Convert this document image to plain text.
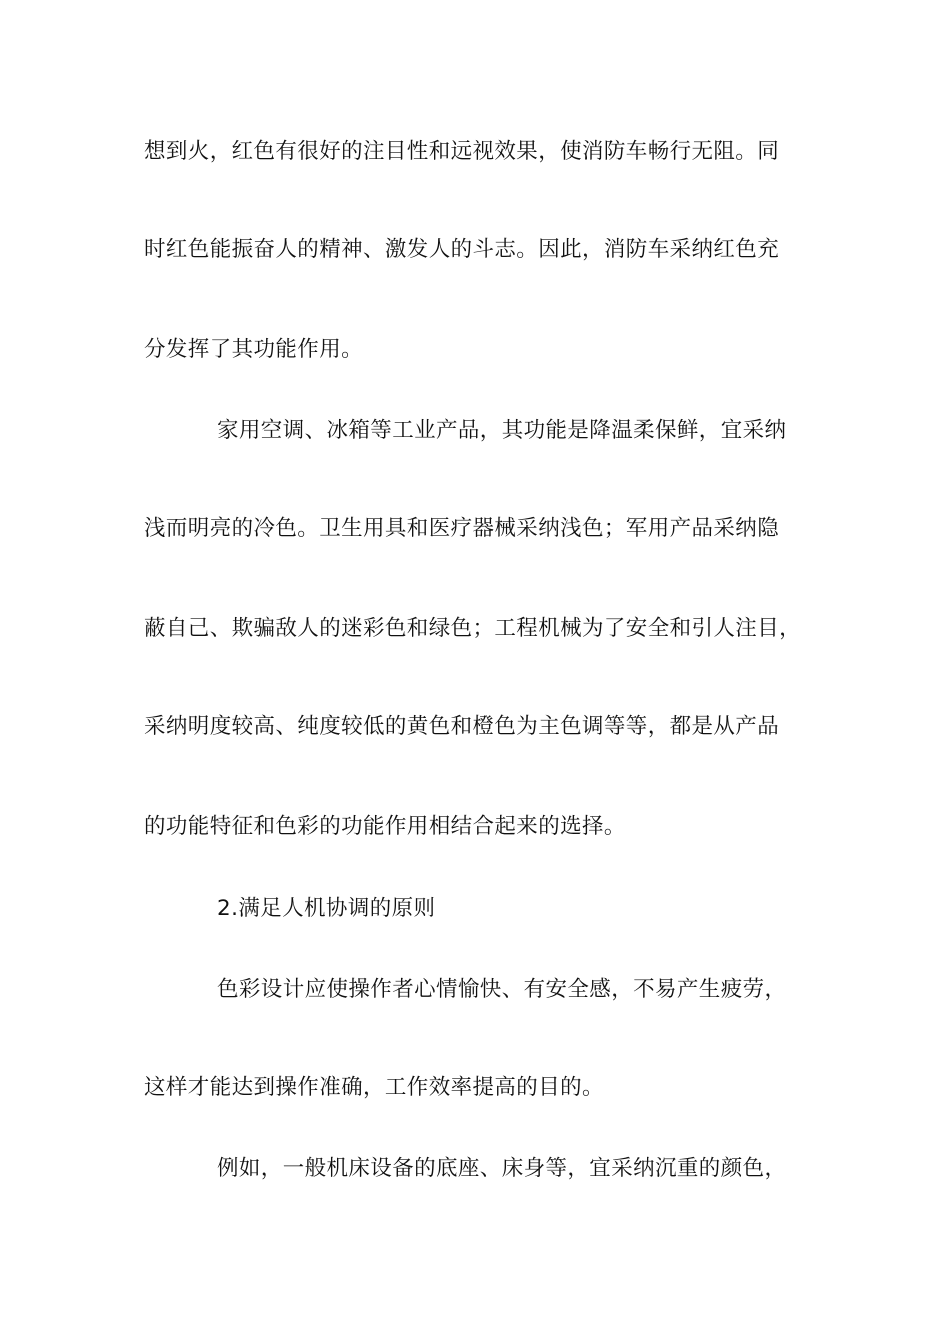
想到火，红色有很好的注目性和远视效果，使消防车畅行无阻。同
时红色能振奋人的精神、激发人的斗志。因此，消防车采纳红色充
分发挥了其功能作用。
家用空调、冰箱等工业产品，其功能是降温柔保鲜，宜采纳
浅而明亮的冷色。卫生用具和医疗器械采纳浅色；军用产品采纳隐
蔽自己、欺骗敌人的迷彩色和绿色；工程机械为了安全和引人注目，
采纳明度较高、纯度较低的黄色和橙色为主色调等等，都是从产品
的功能特征和色彩的功能作用相结合起来的选择。
2.满足人机协调的原则
色彩设计应使操作者心情愉快、有安全感，不易产生疲劳，
这样才能达到操作准确，工作效率提高的目的。
例如，一般机床设备的底座、床身等，宜采纳沉重的颜色，
